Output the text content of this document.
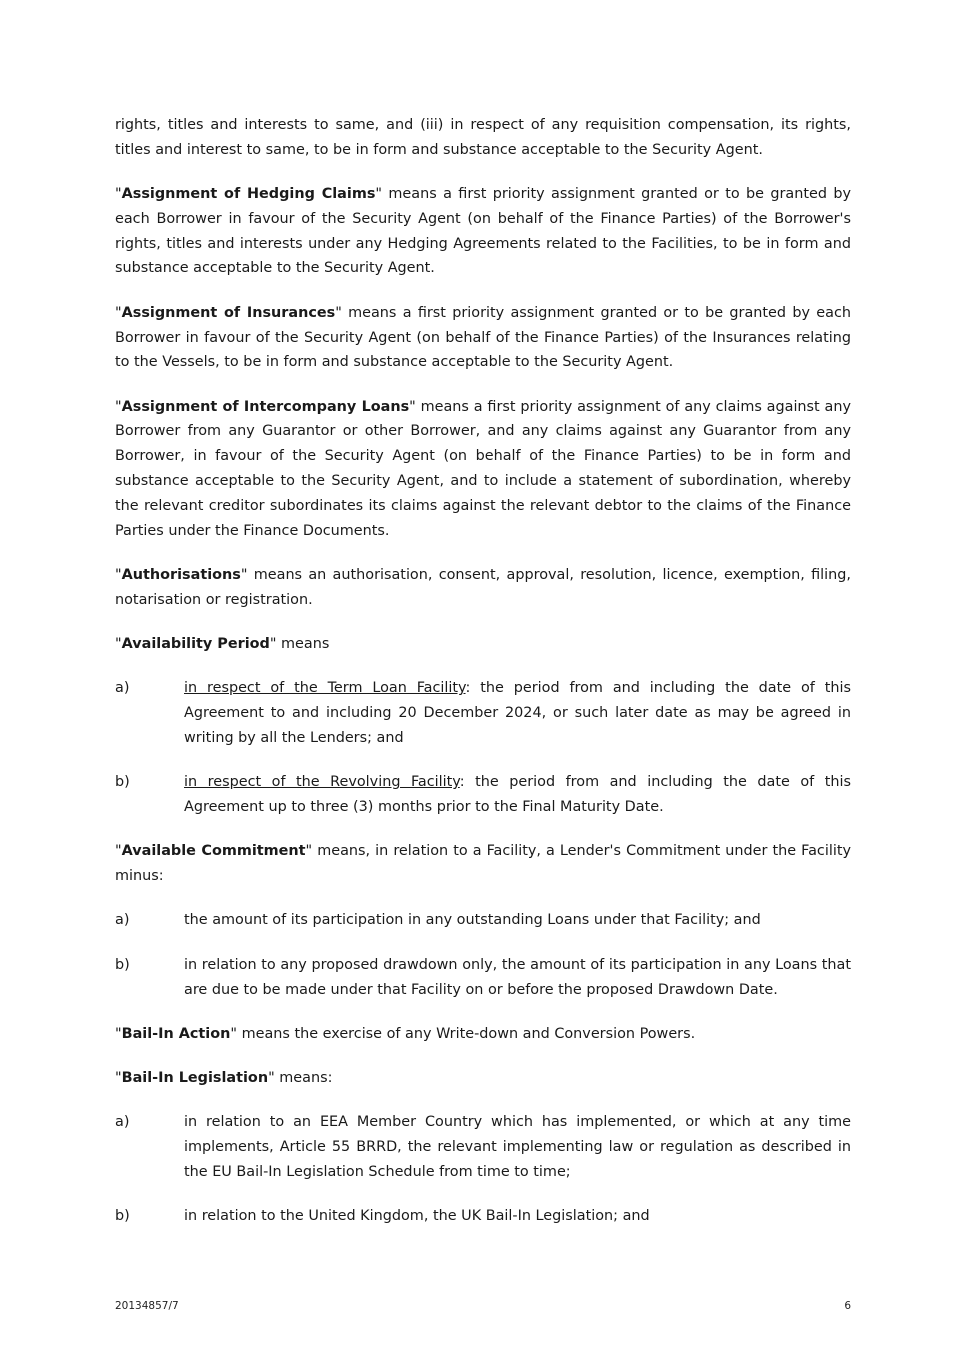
rights, titles and interests to same, and (iii) in respect of any requisition compensation, its rights, titles and interest to same, to be in form and substance acceptable to the Security Agent.

"Assignment of Hedging Claims" means a first priority assignment granted or to be granted by each Borrower in favour of the Security Agent (on behalf of the Finance Parties) of the Borrower's rights, titles and interests under any Hedging Agreements related to the Facilities, to be in form and substance acceptable to the Security Agent.

"Assignment of Insurances" means a first priority assignment granted or to be granted by each Borrower in favour of the Security Agent (on behalf of the Finance Parties) of the Insurances relating to the Vessels, to be in form and substance acceptable to the Security Agent.

"Assignment of Intercompany Loans" means a first priority assignment of any claims against any Borrower from any Guarantor or other Borrower, and any claims against any Guarantor from any Borrower, in favour of the Security Agent (on behalf of the Finance Parties) to be in form and substance acceptable to the Security Agent, and to include a statement of subordination, whereby the relevant creditor subordinates its claims against the relevant debtor to the claims of the Finance Parties under the Finance Documents.

"Authorisations" means an authorisation, consent, approval, resolution, licence, exemption, filing, notarisation or registration.

"Availability Period" means

a)	in respect of the Term Loan Facility: the period from and including the date of this Agreement to and including 20 December 2024, or such later date as may be agreed in writing by all the Lenders; and
b)	in respect of the Revolving Facility: the period from and including the date of this Agreement up to three (3) months prior to the Final Maturity Date.

"Available Commitment" means, in relation to a Facility, a Lender's Commitment under the Facility minus:

a)	the amount of its participation in any outstanding Loans under that Facility; and
b)	in relation to any proposed drawdown only, the amount of its participation in any Loans that are due to be made under that Facility on or before the proposed Drawdown Date.

"Bail-In Action" means the exercise of any Write-down and Conversion Powers.

"Bail-In Legislation" means:

a)	in relation to an EEA Member Country which has implemented, or which at any time implements, Article 55 BRRD, the relevant implementing law or regulation as described in the EU Bail-In Legislation Schedule from time to time;
b)	in relation to the United Kingdom, the UK Bail-In Legislation; and
20134857/7	6
